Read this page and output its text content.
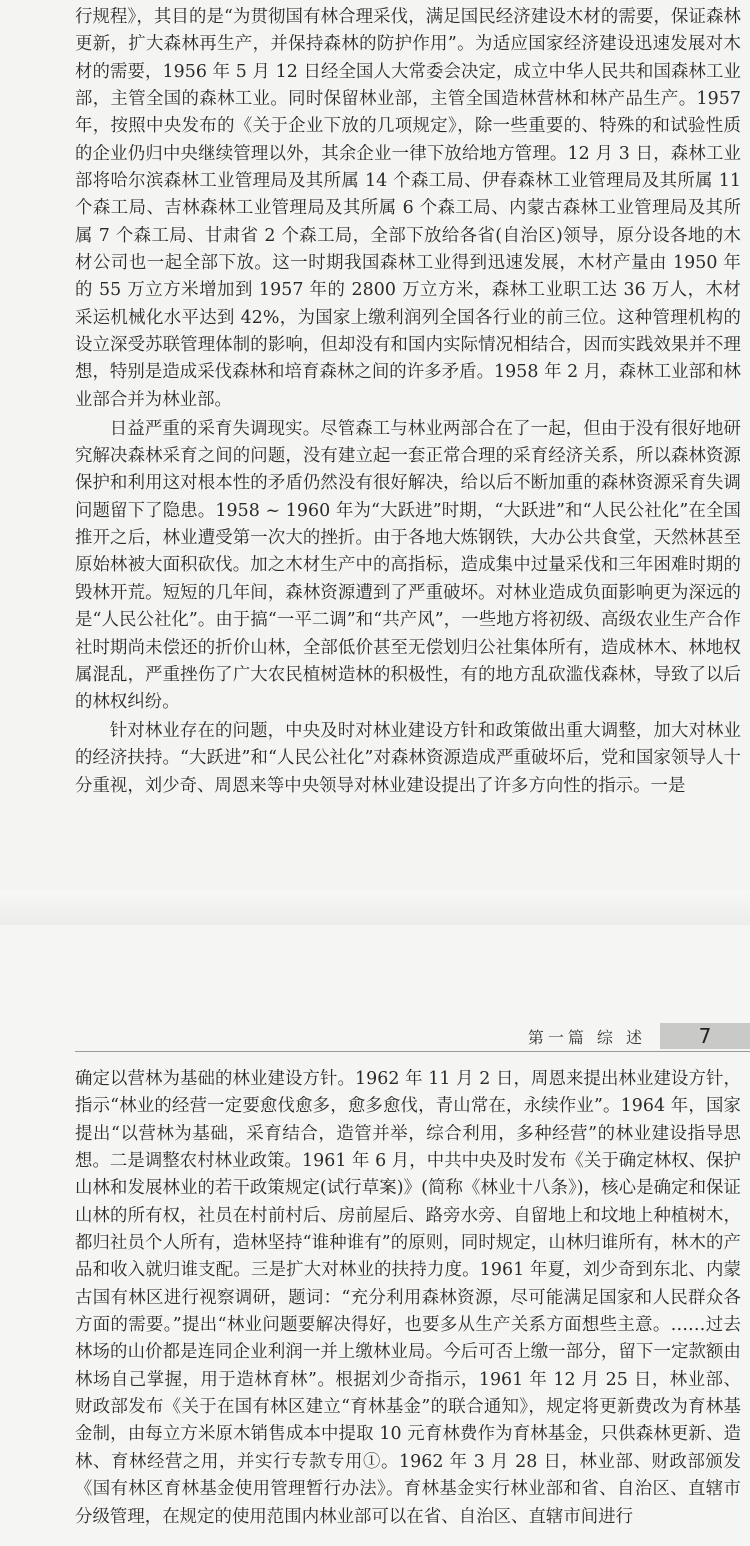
行规程》，其目的是“为贯彻国有林合理采伐，满足国民经济建设木材的需要，保证森林更新，扩大森林再生产，并保持森林的防护作用”。为适应国家经济建设迅速发展对木材的需要，1956 年 5 月 12 日经全国人大常委会决定，成立中华人民共和国森林工业部，主管全国的森林工业。同时保留林业部，主管全国造林营林和林产品生产。1957 年，按照中央发布的《关于企业下放的几项规定》，除一些重要的、特殊的和试验性质的企业仍归中央继续管理以外，其余企业一律下放给地方管理。12 月 3 日，森林工业部将哈尔滨森林工业管理局及其所属 14 个森工局、伊春森林工业管理局及其所属 11 个森工局、吉林森林工业管理局及其所属 6 个森工局、内蒙古森林工业管理局及其所属 7 个森工局、甘肃省 2 个森工局，全部下放给各省(自治区)领导，原分设各地的木材公司也一起全部下放。这一时期我国森林工业得到迅速发展，木材产量由 1950 年的 55 万立方米增加到 1957 年的 2800 万立方米，森林工业职工达 36 万人，木材采运机械化水平达到 42%，为国家上缴利润列全国各行业的前三位。这种管理机构的设立深受苏联管理体制的影响，但却没有和国内实际情况相结合，因而实践效果并不理想，特别是造成采伐森林和培育森林之间的许多矛盾。1958 年 2 月，森林工业部和林业部合并为林业部。

日益严重的采育失调现实。尽管森工与林业两部合在了一起，但由于没有很好地研究解决森林采育之间的问题，没有建立起一套正常合理的采育经济关系，所以森林资源保护和利用这对根本性的矛盾仍然没有很好解决，给以后不断加重的森林资源采育失调问题留下了隐患。1958 ~ 1960 年为“大跃进”时期，“大跃进”和“人民公社化”在全国推开之后，林业遭受第一次大的挫折。由于各地大炼钢铁，大办公共食堂，天然林甚至原始林被大面积砍伐。加之木材生产中的高指标，造成集中过量采伐和三年困难时期的毁林开荒。短短的几年间，森林资源遭到了严重破坏。对林业造成负面影响更为深远的是“人民公社化”。由于搞“一平二调”和“共产风”，一些地方将初级、高级农业生产合作社时期尚未偿还的折价山林，全部低价甚至无偿划归公社集体所有，造成林木、林地权属混乱，严重挫伤了广大农民植树造林的积极性，有的地方乱砍滥伐森林，导致了以后的林权纠纷。

针对林业存在的问题，中央及时对林业建设方针和政策做出重大调整，加大对林业的经济扶持。“大跃进”和“人民公社化”对森林资源造成严重破坏后，党和国家领导人十分重视，刘少奇、周恩来等中央领导对林业建设提出了许多方向性的指示。一是

第一篇 综 述	7

确定以营林为基础的林业建设方针。1962 年 11 月 2 日，周恩来提出林业建设方针，指示“林业的经营一定要愈伐愈多，愈多愈伐，青山常在，永续作业”。1964 年，国家提出“以营林为基础，采育结合，造管并举，综合利用，多种经营”的林业建设指导思想。二是调整农村林业政策。1961 年 6 月，中共中央及时发布《关于确定林权、保护山林和发展林业的若干政策规定(试行草案)》(简称《林业十八条》)，核心是确定和保证山林的所有权，社员在村前村后、房前屋后、路旁水旁、自留地上和坟地上种植树木，都归社员个人所有，造林坚持“谁种谁有”的原则，同时规定，山林归谁所有，林木的产品和收入就归谁支配。三是扩大对林业的扶持力度。1961 年夏，刘少奇到东北、内蒙古国有林区进行视察调研，题词：“充分利用森林资源，尽可能满足国家和人民群众各方面的需要。”提出“林业问题要解决得好，也要多从生产关系方面想些主意。……过去林场的山价都是连同企业利润一并上缴林业局。今后可否上缴一部分，留下一定款额由林场自己掌握，用于造林育林”。根据刘少奇指示，1961 年 12 月 25 日，林业部、财政部发布《关于在国有林区建立“育林基金”的联合通知》，规定将更新费改为育林基金制，由每立方米原木销售成本中提取 10 元育林费作为育林基金，只供森林更新、造林、育林经营之用，并实行专款专用①。1962 年 3 月 28 日，林业部、财政部颁发《国有林区育林基金使用管理暂行办法》。育林基金实行林业部和省、自治区、直辖市分级管理，在规定的使用范围内林业部可以在省、自治区、直辖市间进行
